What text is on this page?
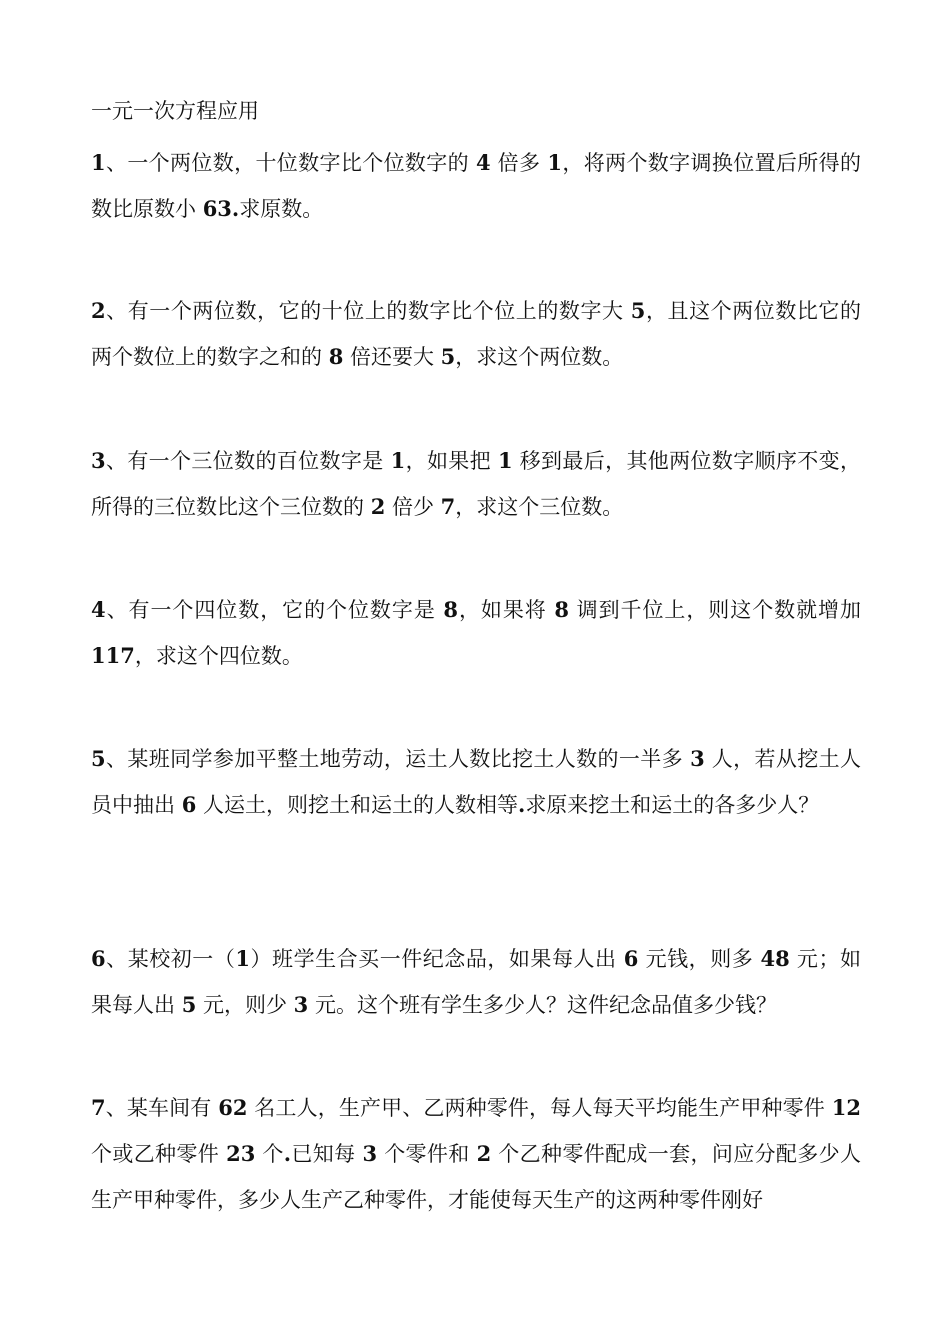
一元一次方程应用

1、一个两位数，十位数字比个位数字的 4 倍多 1，将两个数字调换位置后所得的数比原数小 63.求原数。

2、有一个两位数，它的十位上的数字比个位上的数字大 5，且这个两位数比它的两个数位上的数字之和的 8 倍还要大 5，求这个两位数。

3、有一个三位数的百位数字是 1，如果把 1 移到最后，其他两位数字顺序不变，所得的三位数比这个三位数的 2 倍少 7，求这个三位数。

4、有一个四位数，它的个位数字是 8，如果将 8 调到千位上，则这个数就增加 117，求这个四位数。

5、某班同学参加平整土地劳动，运土人数比挖土人数的一半多 3 人，若从挖土人员中抽出 6 人运土，则挖土和运土的人数相等.求原来挖土和运土的各多少人？

6、某校初一（1）班学生合买一件纪念品，如果每人出 6 元钱，则多 48 元；如果每人出 5 元，则少 3 元。这个班有学生多少人？这件纪念品值多少钱？

7、某车间有 62 名工人，生产甲、乙两种零件，每人每天平均能生产甲种零件 12 个或乙种零件 23 个.已知每 3 个零件和 2 个乙种零件配成一套，问应分配多少人生产甲种零件，多少人生产乙种零件，才能使每天生产的这两种零件刚好
